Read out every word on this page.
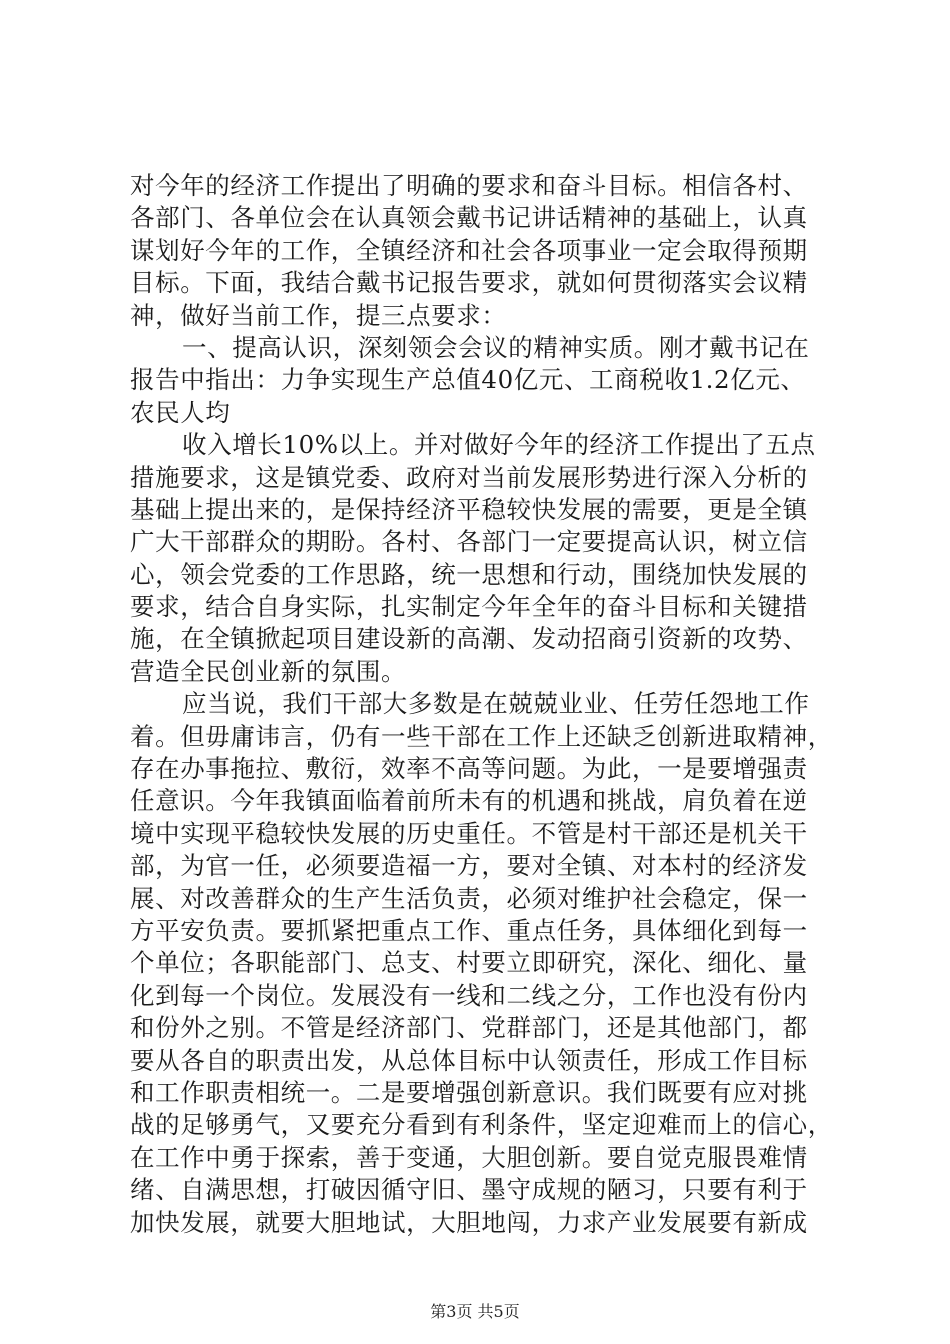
对今年的经济工作提出了明确的要求和奋斗目标。相信各村、
各部门、各单位会在认真领会戴书记讲话精神的基础上，认真
谋划好今年的工作，全镇经济和社会各项事业一定会取得预期
目标。下面，我结合戴书记报告要求，就如何贯彻落实会议精
神，做好当前工作，提三点要求：
一、提高认识，深刻领会会议的精神实质。刚才戴书记在
报告中指出：力争实现生产总值40亿元、工商税收1.2亿元、
农民人均
收入增长10%以上。并对做好今年的经济工作提出了五点
措施要求，这是镇党委、政府对当前发展形势进行深入分析的
基础上提出来的，是保持经济平稳较快发展的需要，更是全镇
广大干部群众的期盼。各村、各部门一定要提高认识，树立信
心，领会党委的工作思路，统一思想和行动，围绕加快发展的
要求，结合自身实际，扎实制定今年全年的奋斗目标和关键措
施，在全镇掀起项目建设新的高潮、发动招商引资新的攻势、
营造全民创业新的氛围。
应当说，我们干部大多数是在兢兢业业、任劳任怨地工作
着。但毋庸讳言，仍有一些干部在工作上还缺乏创新进取精神，
存在办事拖拉、敷衍，效率不高等问题。为此，一是要增强责
任意识。今年我镇面临着前所未有的机遇和挑战，肩负着在逆
境中实现平稳较快发展的历史重任。不管是村干部还是机关干
部，为官一任，必须要造福一方，要对全镇、对本村的经济发
展、对改善群众的生产生活负责，必须对维护社会稳定，保一
方平安负责。要抓紧把重点工作、重点任务，具体细化到每一
个单位；各职能部门、总支、村要立即研究，深化、细化、量
化到每一个岗位。发展没有一线和二线之分，工作也没有份内
和份外之别。不管是经济部门、党群部门，还是其他部门，都
要从各自的职责出发，从总体目标中认领责任，形成工作目标
和工作职责相统一。二是要增强创新意识。我们既要有应对挑
战的足够勇气，又要充分看到有利条件，坚定迎难而上的信心，
在工作中勇于探索，善于变通，大胆创新。要自觉克服畏难情
绪、自满思想，打破因循守旧、墨守成规的陋习，只要有利于
加快发展，就要大胆地试，大胆地闯，力求产业发展要有新成
第3页 共5页
